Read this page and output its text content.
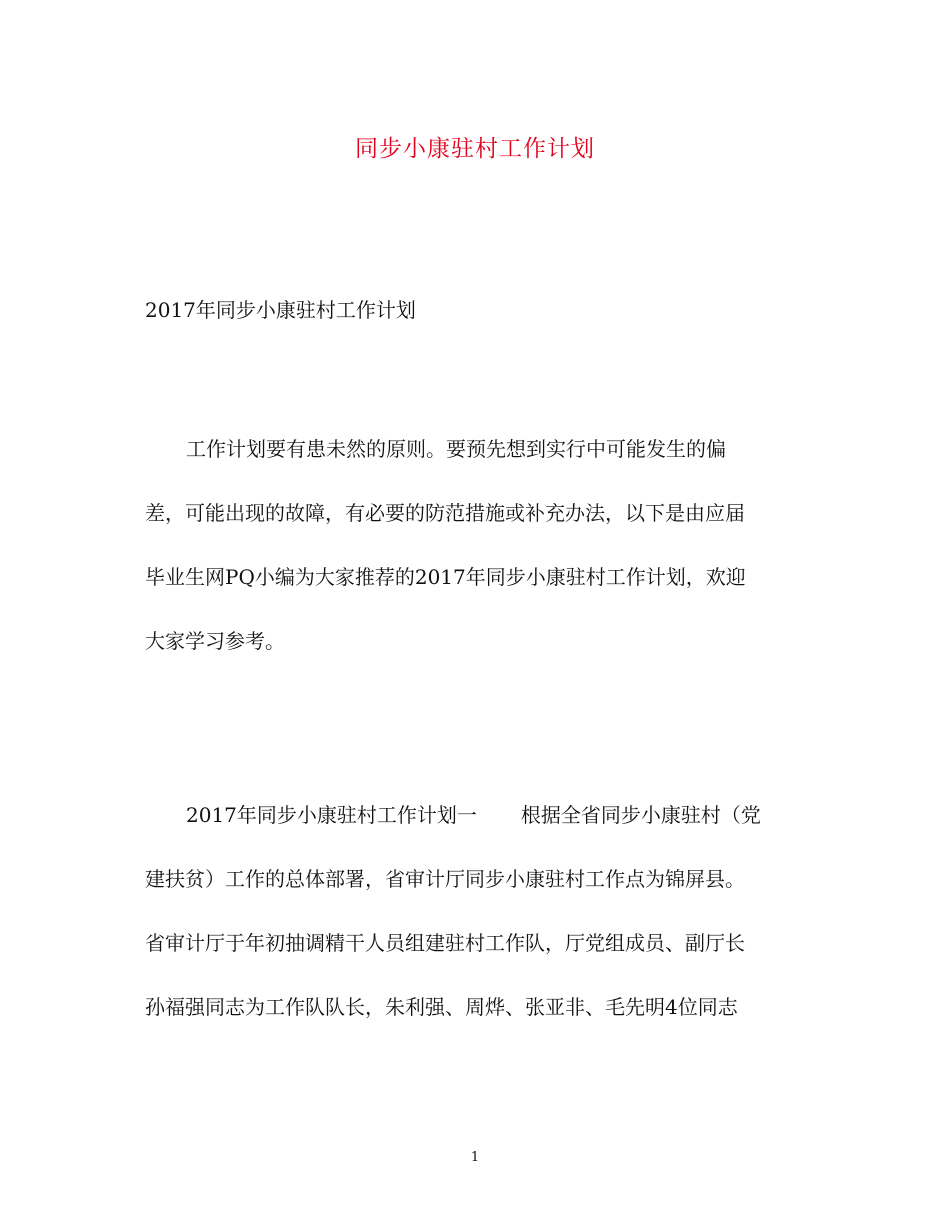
同步小康驻村工作计划
2017年同步小康驻村工作计划
工作计划要有患未然的原则。要预先想到实行中可能发生的偏
差，可能出现的故障，有必要的防范措施或补充办法，以下是由应届
毕业生网PQ小编为大家推荐的2017年同步小康驻村工作计划，欢迎
大家学习参考。
2017年同步小康驻村工作计划一 根据全省同步小康驻村（党
建扶贫）工作的总体部署，省审计厅同步小康驻村工作点为锦屏县。
省审计厅于年初抽调精干人员组建驻村工作队，厅党组成员、副厅长
孙福强同志为工作队队长，朱利强、周烨、张亚非、毛先明4位同志
1
